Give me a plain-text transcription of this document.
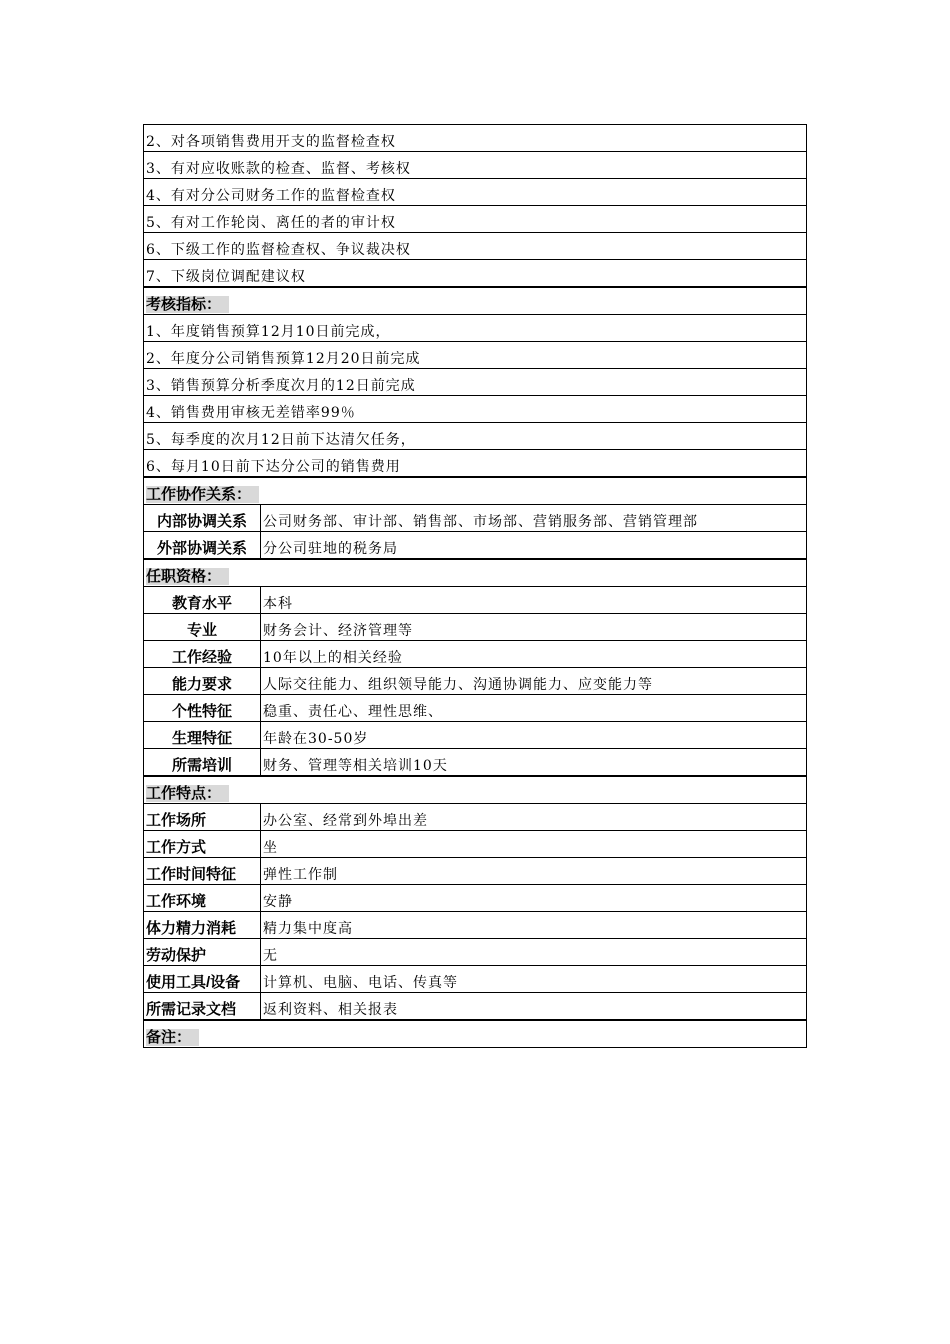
2、对各项销售费用开支的监督检查权	
3、有对应收账款的检查、监督、考核权	
4、有对分公司财务工作的监督检查权	
5、有对工作轮岗、离任的者的审计权	
6、下级工作的监督检查权、争议裁决权	
7、下级岗位调配建议权	
考核指标：	
1、年度销售预算12月10日前完成，	
2、年度分公司销售预算12月20日前完成	
3、销售预算分析季度次月的12日前完成	
4、销售费用审核无差错率99％	
5、每季度的次月12日前下达清欠任务，	
6、每月10日前下达分公司的销售费用	
工作协作关系：	
内部协调关系	公司财务部、审计部、销售部、市场部、营销服务部、营销管理部
外部协调关系	分公司驻地的税务局
任职资格：	
教育水平	本科
专业	财务会计、经济管理等
工作经验	10年以上的相关经验
能力要求	人际交往能力、组织领导能力、沟通协调能力、应变能力等
个性特征	稳重、责任心、理性思维、
生理特征	年龄在30-50岁
所需培训	财务、管理等相关培训10天
工作特点：	
工作场所	办公室、经常到外埠出差
工作方式	坐
工作时间特征	弹性工作制
工作环境	安静
体力精力消耗	精力集中度高
劳动保护	无
使用工具/设备	计算机、电脑、电话、传真等
所需记录文档	返利资料、相关报表
备注：	
